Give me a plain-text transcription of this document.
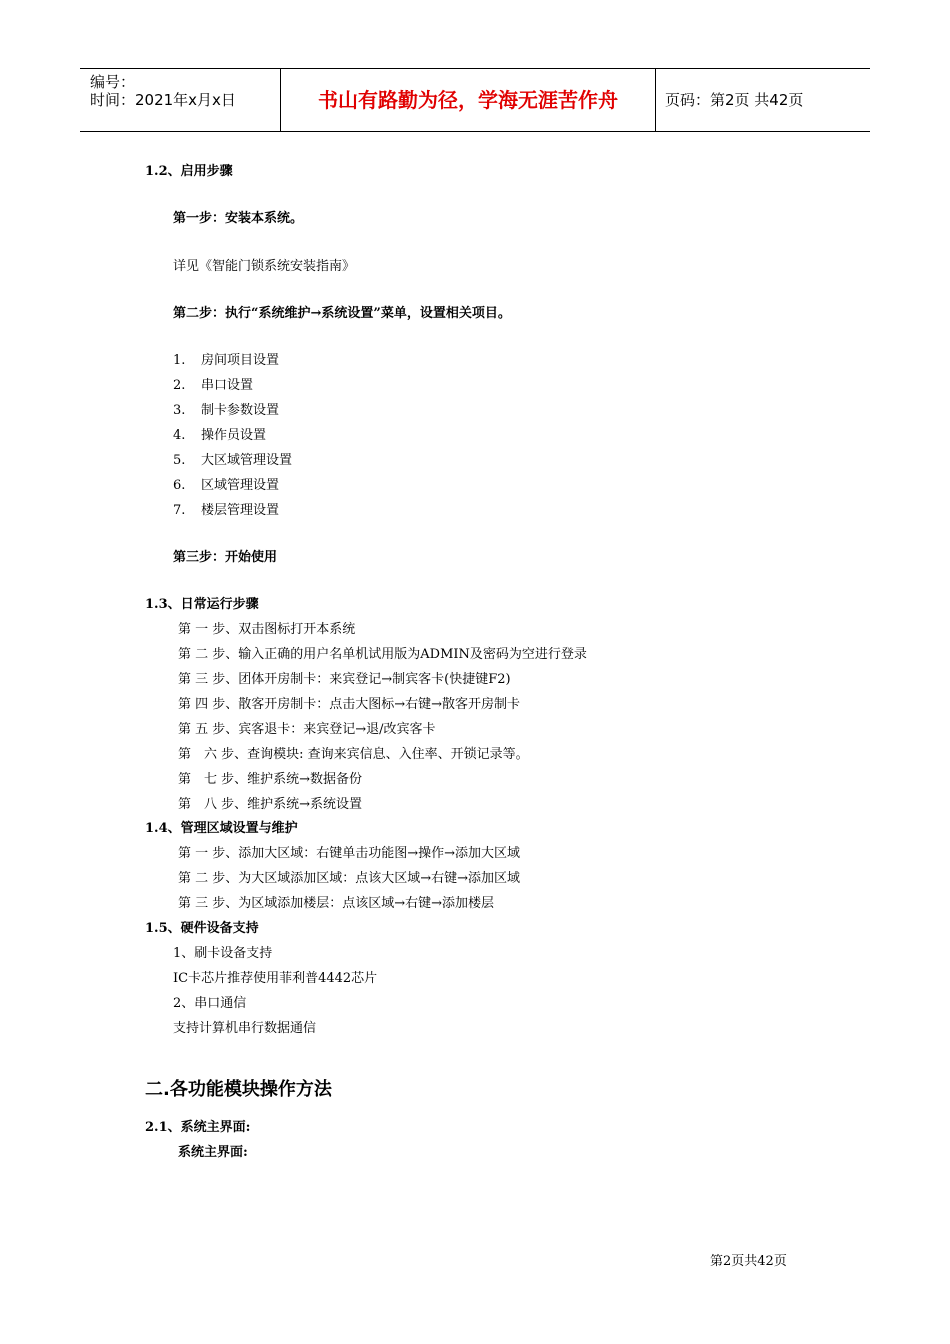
编号：
时间：2021年x月x日	书山有路勤为径，学海无涯苦作舟	页码：第2页 共42页
1.2、启用步骤
第一步：安装本系统。
详见《智能门锁系统安装指南》
第二步：执行“系统维护→系统设置”菜单，设置相关项目。
1. 房间项目设置
2. 串口设置
3. 制卡参数设置
4. 操作员设置
5. 大区域管理设置
6. 区域管理设置
7. 楼层管理设置
第三步：开始使用
1.3、日常运行步骤
第 一 步、双击图标打开本系统
第 二 步、输入正确的用户名单机试用版为ADMIN及密码为空进行登录
第 三 步、团体开房制卡：来宾登记→制宾客卡(快捷键F2)
第 四 步、散客开房制卡：点击大图标→右键→散客开房制卡
第 五 步、宾客退卡：来宾登记→退/改宾客卡
第　六 步、查询模块: 查询来宾信息、入住率、开锁记录等。
第　七 步、维护系统→数据备份
第　八 步、维护系统→系统设置
1.4、管理区域设置与维护
第 一 步、添加大区域：右键单击功能图→操作→添加大区域
第 二 步、为大区域添加区域：点该大区域→右键→添加区域
第 三 步、为区域添加楼层：点该区域→右键→添加楼层
1.5、硬件设备支持
1、刷卡设备支持
IC卡芯片推荐使用菲利普4442芯片
2、串口通信
支持计算机串行数据通信
二.各功能模块操作方法
2.1、系统主界面:
系统主界面:
第2页共42页
